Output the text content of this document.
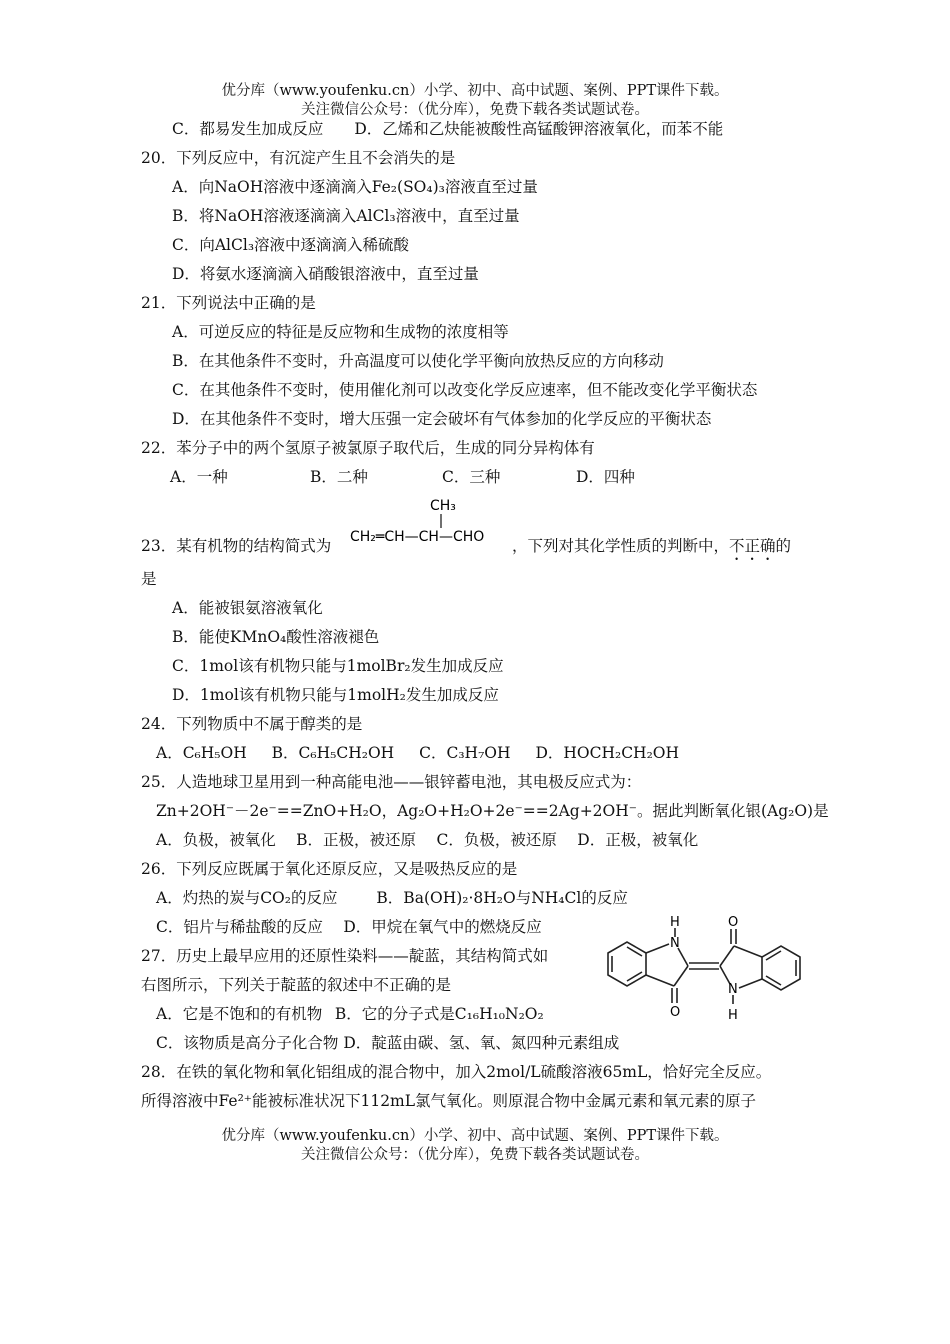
优分库（www.youfenku.cn）小学、初中、高中试题、案例、PPT课件下载。
关注微信公众号：（优分库），免费下载各类试题试卷。
C．都易发生加成反应　　D．乙烯和乙炔能被酸性高锰酸钾溶液氧化，而苯不能
20．下列反应中，有沉淀产生且不会消失的是
A．向NaOH溶液中逐滴滴入Fe₂(SO₄)₃溶液直至过量
B．将NaOH溶液逐滴滴入AlCl₃溶液中，直至过量
C．向AlCl₃溶液中逐滴滴入稀硫酸
D．将氨水逐滴滴入硝酸银溶液中，直至过量
21．下列说法中正确的是
A．可逆反应的特征是反应物和生成物的浓度相等
B．在其他条件不变时，升高温度可以使化学平衡向放热反应的方向移动
C．在其他条件不变时，使用催化剂可以改变化学反应速率，但不能改变化学平衡状态
D．在其他条件不变时，增大压强一定会破坏有气体参加的化学反应的平衡状态
22．苯分子中的两个氢原子被氯原子取代后，生成的同分异构体有
A．一种	B．二种	C．三种	D．四种
23．某有机物的结构简式为
CH₃
CH₂═CH—CH—CHO ，下列对其化学性质的判断中，不正确的
是
A．能被银氨溶液氧化
B．能使KMnO₄酸性溶液褪色
C．1mol该有机物只能与1molBr₂发生加成反应
D．1mol该有机物只能与1molH₂发生加成反应
24．下列物质中不属于醇类的是
A．C₆H₅OH B．C₆H₅CH₂OH C．C₃H₇OH D．HOCH₂CH₂OH
25．人造地球卫星用到一种高能电池——银锌蓄电池，其电极反应式为：
Zn+2OH⁻－2e⁻==ZnO+H₂O，Ag₂O+H₂O+2e⁻==2Ag+2OH⁻。据此判断氧化银(Ag₂O)是
A．负极，被氧化  B．正极，被还原  C．负极，被还原  D．正极，被氧化
26．下列反应既属于氧化还原反应，又是吸热反应的是
A．灼热的炭与CO₂的反应	B．Ba(OH)₂·8H₂O与NH₄Cl的反应
C．铝片与稀盐酸的反应  D．甲烷在氧气中的燃烧反应
27．历史上最早应用的还原性染料——靛蓝，其结构简式如
右图所示，下列关于靛蓝的叙述中不正确的是
A．它是不饱和的有机物  B．它的分子式是C₁₆H₁₀N₂O₂
C．该物质是高分子化合物 D．靛蓝由碳、氢、氧、氮四种元素组成
H
N
O
O
N
H
28．在铁的氧化物和氧化铝组成的混合物中，加入2mol/L硫酸溶液65mL，恰好完全反应。
所得溶液中Fe²⁺能被标准状况下112mL氯气氧化。则原混合物中金属元素和氧元素的原子
优分库（www.youfenku.cn）小学、初中、高中试题、案例、PPT课件下载。
关注微信公众号：（优分库），免费下载各类试题试卷。
